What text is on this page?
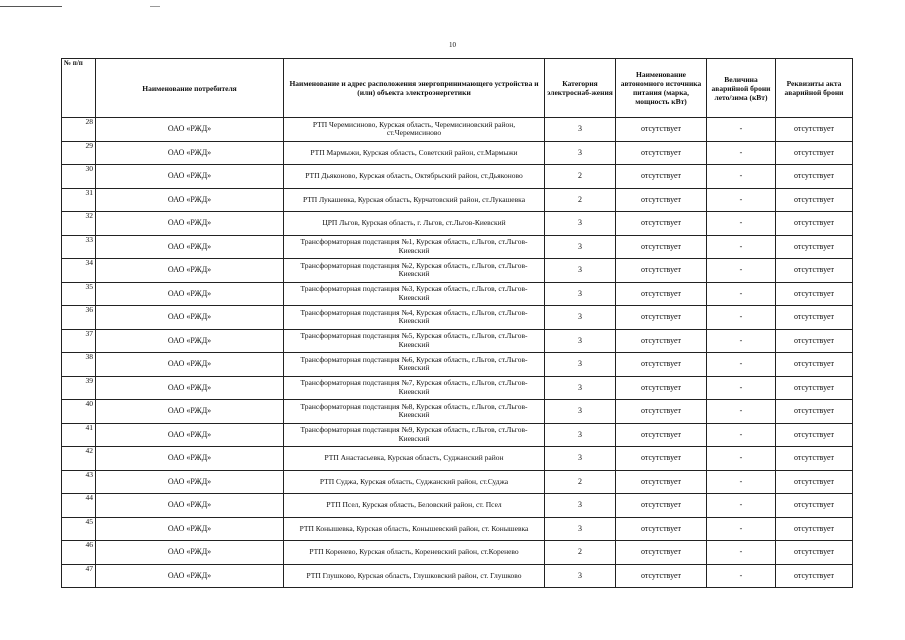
10
№ п/п	Наименование потребителя	Наименование и адрес расположения энергопринимающего устройства и (или) объекта электроэнергетики	Категория электроснаб-жения	Наименование автономного источника питания (марка, мощность кВт)	Величина аварийной брони лето/зима (кВт)	Реквизиты акта аварийной брони
28	ОАО «РЖД»	РТП Черемисиново, Курская область, Черемисиновский район, ст.Черемисиново	3	отсутствует	-	отсутствует
29	ОАО «РЖД»	РТП Мармыжи, Курская область, Советский район, ст.Мармыжи	3	отсутствует	-	отсутствует
30	ОАО «РЖД»	РТП Дьяконово, Курская область, Октябрьский район, ст.Дьяконово	2	отсутствует	-	отсутствует
31	ОАО «РЖД»	РТП Лукашевка, Курская область, Курчатовский район, ст.Лукашевка	2	отсутствует	-	отсутствует
32	ОАО «РЖД»	ЦРП Льгов, Курская область, г. Льгов, ст.Льгов-Киевский	3	отсутствует	-	отсутствует
33	ОАО «РЖД»	Трансформаторная подстанция №1, Курская область, г.Льгов, ст.Льгов-Киевский	3	отсутствует	-	отсутствует
34	ОАО «РЖД»	Трансформаторная подстанция №2, Курская область, г.Льгов, ст.Льгов-Киевский	3	отсутствует	-	отсутствует
35	ОАО «РЖД»	Трансформаторная подстанция №3, Курская область, г.Льгов, ст.Льгов-Киевский	3	отсутствует	-	отсутствует
36	ОАО «РЖД»	Трансформаторная подстанция №4, Курская область, г.Льгов, ст.Льгов-Киевский	3	отсутствует	-	отсутствует
37	ОАО «РЖД»	Трансформаторная подстанция №5, Курская область, г.Льгов, ст.Льгов-Киевский	3	отсутствует	-	отсутствует
38	ОАО «РЖД»	Трансформаторная подстанция №6, Курская область, г.Льгов, ст.Льгов-Киевский	3	отсутствует	-	отсутствует
39	ОАО «РЖД»	Трансформаторная подстанция №7, Курская область, г.Льгов, ст.Льгов-Киевский	3	отсутствует	-	отсутствует
40	ОАО «РЖД»	Трансформаторная подстанция №8, Курская область, г.Льгов, ст.Льгов-Киевский	3	отсутствует	-	отсутствует
41	ОАО «РЖД»	Трансформаторная подстанция №9, Курская область, г.Льгов, ст.Льгов-Киевский	3	отсутствует	-	отсутствует
42	ОАО «РЖД»	РТП Анастасьевка, Курская область, Суджанский район	3	отсутствует	-	отсутствует
43	ОАО «РЖД»	РТП Суджа, Курская область, Суджанский район, ст.Суджа	2	отсутствует	-	отсутствует
44	ОАО «РЖД»	РТП Псел, Курская область, Беловский район, ст. Псел	3	отсутствует	-	отсутствует
45	ОАО «РЖД»	РТП Конышевка, Курская область, Конышевский район, ст. Конышевка	3	отсутствует	-	отсутствует
46	ОАО «РЖД»	РТП Коренево, Курская область, Кореневский район, ст.Коренево	2	отсутствует	-	отсутствует
47	ОАО «РЖД»	РТП Глушково, Курская область, Глушковский район, ст. Глушково	3	отсутствует	-	отсутствует
